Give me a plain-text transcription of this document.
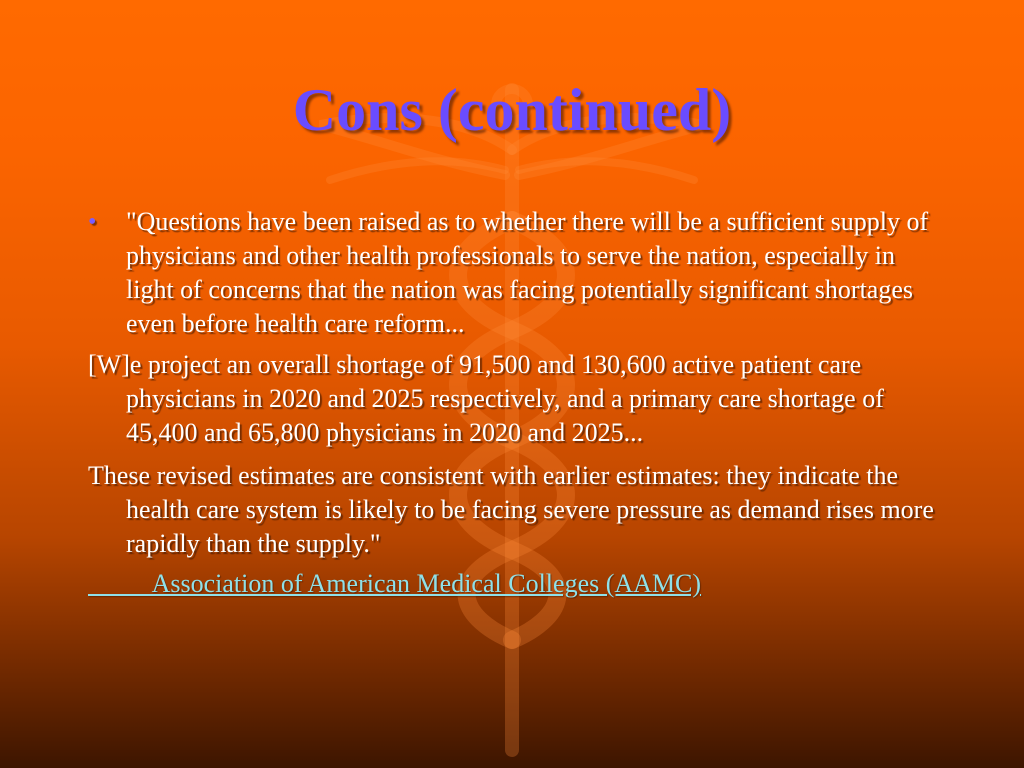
Cons (continued)

• "Questions have been raised as to whether there will be a sufficient supply of physicians and other health professionals to serve the nation, especially in light of concerns that the nation was facing potentially significant shortages even before health care reform...

[W]e project an overall shortage of 91,500 and 130,600 active patient care physicians in 2020 and 2025 respectively, and a primary care shortage of 45,400 and 65,800 physicians in 2020 and 2025...

These revised estimates are consistent with earlier estimates: they indicate the health care system is likely to be facing severe pressure as demand rises more rapidly than the supply."

Association of American Medical Colleges (AAMC)
